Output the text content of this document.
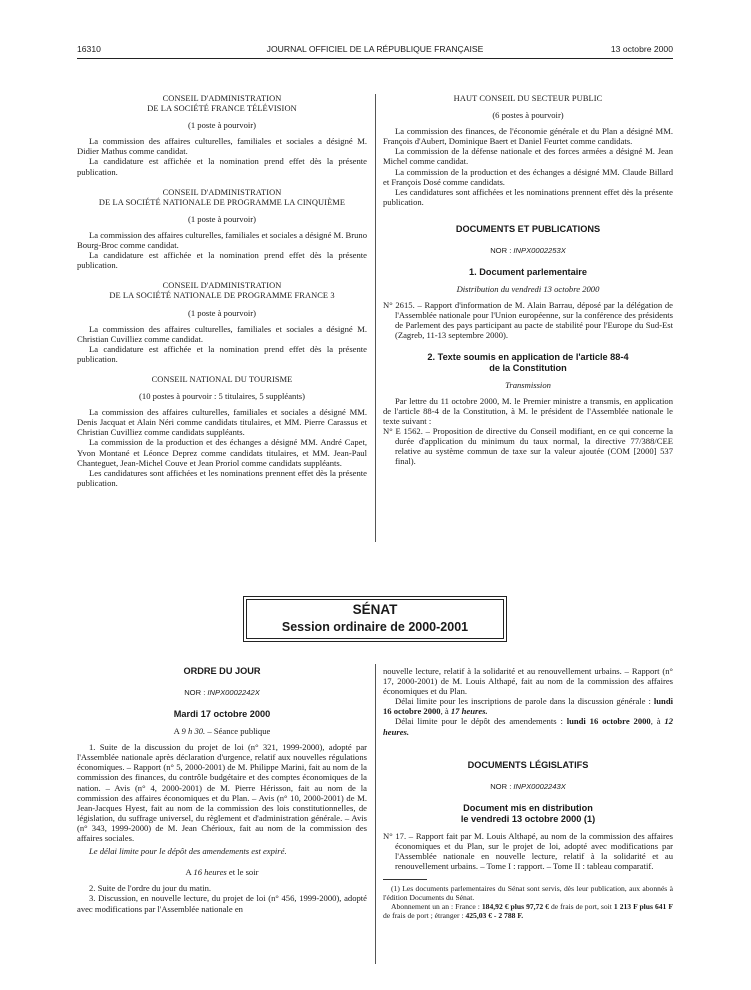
16310	JOURNAL OFFICIEL DE LA RÉPUBLIQUE FRANÇAISE	13 octobre 2000
CONSEIL D'ADMINISTRATION
DE LA SOCIÉTÉ FRANCE TÉLÉVISION
(1 poste à pourvoir)

La commission des affaires culturelles, familiales et sociales a désigné M. Didier Mathus comme candidat.

La candidature est affichée et la nomination prend effet dès la présente publication.

CONSEIL D'ADMINISTRATION
DE LA SOCIÉTÉ NATIONALE DE PROGRAMME LA CINQUIÈME
(1 poste à pourvoir)

La commission des affaires culturelles, familiales et sociales a désigné M. Bruno Bourg-Broc comme candidat.

La candidature est affichée et la nomination prend effet dès la présente publication.

CONSEIL D'ADMINISTRATION
DE LA SOCIÉTÉ NATIONALE DE PROGRAMME FRANCE 3
(1 poste à pourvoir)

La commission des affaires culturelles, familiales et sociales a désigné M. Christian Cuvilliez comme candidat.

La candidature est affichée et la nomination prend effet dès la présente publication.

CONSEIL NATIONAL DU TOURISME
(10 postes à pourvoir : 5 titulaires, 5 suppléants)

La commission des affaires culturelles, familiales et sociales a désigné MM. Denis Jacquat et Alain Néri comme candidats titulaires, et MM. Pierre Carassus et Christian Cuvilliez comme candidats suppléants.

La commission de la production et des échanges a désigné MM. André Capet, Yvon Montané et Léonce Deprez comme candidats titulaires, et MM. Jean-Paul Chanteguet, Jean-Michel Couve et Jean Proriol comme candidats suppléants.

Les candidatures sont affichées et les nominations prennent effet dès la présente publication.

HAUT CONSEIL DU SECTEUR PUBLIC
(6 postes à pourvoir)

La commission des finances, de l'économie générale et du Plan a désigné MM. François d'Aubert, Dominique Baert et Daniel Feurtet comme candidats.

La commission de la défense nationale et des forces armées a désigné M. Jean Michel comme candidat.

La commission de la production et des échanges a désigné MM. Claude Billard et François Dosé comme candidats.

Les candidatures sont affichées et les nominations prennent effet dès la présente publication.

DOCUMENTS ET PUBLICATIONS
NOR : INPX0002253X
1. Document parlementaire
Distribution du vendredi 13 octobre 2000

N° 2615. – Rapport d'information de M. Alain Barrau, déposé par la délégation de l'Assemblée nationale pour l'Union européenne, sur la conférence des présidents de Parlement des pays participant au pacte de stabilité pour l'Europe du Sud-Est (Zagreb, 11-13 septembre 2000).

2. Texte soumis en application de l'article 88-4
de la Constitution
Transmission

Par lettre du 11 octobre 2000, M. le Premier ministre a transmis, en application de l'article 88-4 de la Constitution, à M. le président de l'Assemblée nationale le texte suivant :

N° E 1562. – Proposition de directive du Conseil modifiant, en ce qui concerne la durée d'application du minimum du taux normal, la directive 77/388/CEE relative au système commun de taxe sur la valeur ajoutée (COM [2000] 537 final).

SÉNAT
Session ordinaire de 2000-2001
ORDRE DU JOUR
NOR : INPX0002242X
Mardi 17 octobre 2000
A 9 h 30. – Séance publique

1. Suite de la discussion du projet de loi (n° 321, 1999-2000), adopté par l'Assemblée nationale après déclaration d'urgence, relatif aux nouvelles régulations économiques. – Rapport (n° 5, 2000-2001) de M. Philippe Marini, fait au nom de la commission des finances, du contrôle budgétaire et des comptes économiques de la nation. – Avis (n° 4, 2000-2001) de M. Pierre Hérisson, fait au nom de la commission des affaires économiques et du Plan. – Avis (n° 10, 2000-2001) de M. Jean-Jacques Hyest, fait au nom de la commission des lois constitutionnelles, de législation, du suffrage universel, du règlement et d'administration générale. – Avis (n° 343, 1999-2000) de M. Jean Chérioux, fait au nom de la commission des affaires sociales.

Le délai limite pour le dépôt des amendements est expiré.

A 16 heures et le soir

2. Suite de l'ordre du jour du matin.

3. Discussion, en nouvelle lecture, du projet de loi (n° 456, 1999-2000), adopté avec modifications par l'Assemblée nationale en

nouvelle lecture, relatif à la solidarité et au renouvellement urbains. – Rapport (n° 17, 2000-2001) de M. Louis Althapé, fait au nom de la commission des affaires économiques et du Plan.

Délai limite pour les inscriptions de parole dans la discussion générale : lundi 16 octobre 2000, à 17 heures.

Délai limite pour le dépôt des amendements : lundi 16 octobre 2000, à 12 heures.

DOCUMENTS LÉGISLATIFS
NOR : INPX0002243X
Document mis en distribution
le vendredi 13 octobre 2000 (1)

N° 17. – Rapport fait par M. Louis Althapé, au nom de la commission des affaires économiques et du Plan, sur le projet de loi, adopté avec modifications par l'Assemblée nationale en nouvelle lecture, relatif à la solidarité et au renouvellement urbains. – Tome I : rapport. – Tome II : tableau comparatif.

(1) Les documents parlementaires du Sénat sont servis, dès leur publication, aux abonnés à l'édition Documents du Sénat.

Abonnement un an : France : 184,92 € plus 97,72 € de frais de port, soit 1 213 F plus 641 F de frais de port ; étranger : 425,03 € - 2 788 F.
